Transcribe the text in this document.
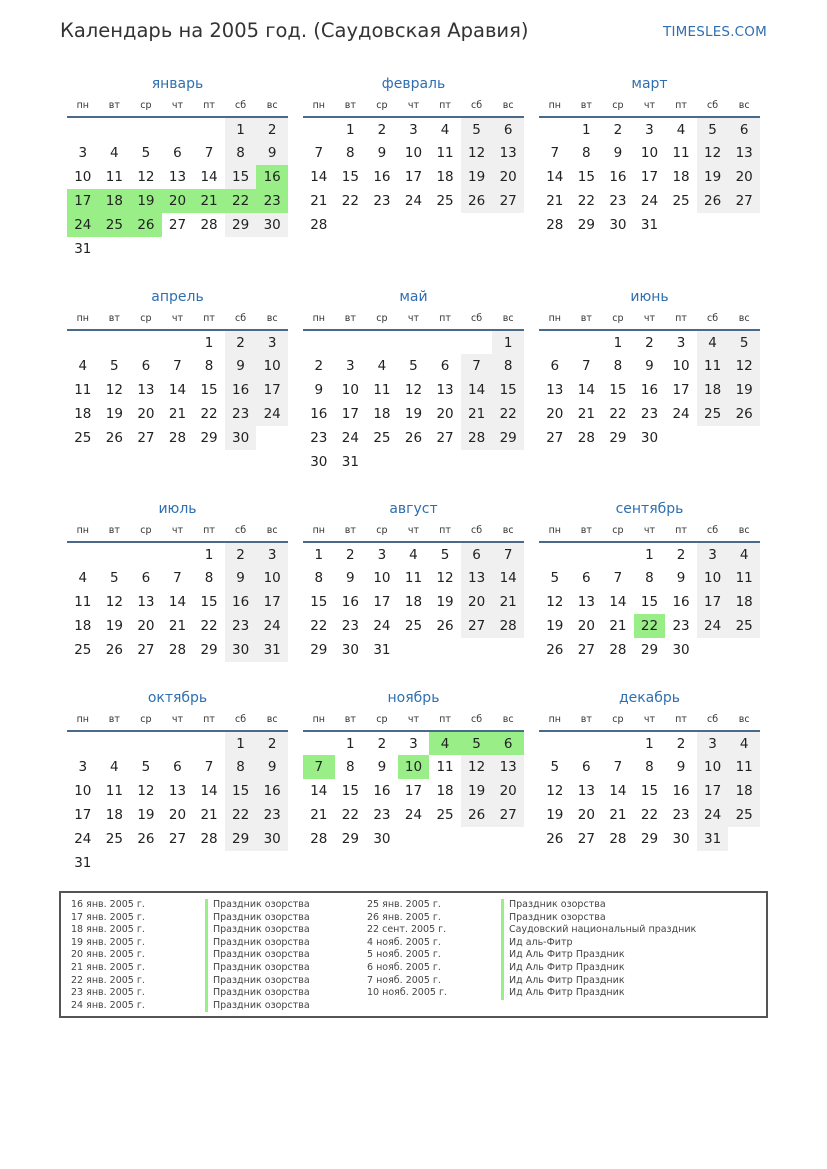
Календарь на 2005 год. (Саудовская Аравия)	TIMESLES.COM
январь
пн	вт	ср	чт	пт	сб	вс
					1	2
3	4	5	6	7	8	9
10	11	12	13	14	15	16
17	18	19	20	21	22	23
24	25	26	27	28	29	30
31						
февраль
пн	вт	ср	чт	пт	сб	вс
	1	2	3	4	5	6
7	8	9	10	11	12	13
14	15	16	17	18	19	20
21	22	23	24	25	26	27
28						
март
пн	вт	ср	чт	пт	сб	вс
	1	2	3	4	5	6
7	8	9	10	11	12	13
14	15	16	17	18	19	20
21	22	23	24	25	26	27
28	29	30	31			
апрель
пн	вт	ср	чт	пт	сб	вс
				1	2	3
4	5	6	7	8	9	10
11	12	13	14	15	16	17
18	19	20	21	22	23	24
25	26	27	28	29	30	
май
пн	вт	ср	чт	пт	сб	вс
						1
2	3	4	5	6	7	8
9	10	11	12	13	14	15
16	17	18	19	20	21	22
23	24	25	26	27	28	29
30	31					
июнь
пн	вт	ср	чт	пт	сб	вс
		1	2	3	4	5
6	7	8	9	10	11	12
13	14	15	16	17	18	19
20	21	22	23	24	25	26
27	28	29	30			
июль
пн	вт	ср	чт	пт	сб	вс
				1	2	3
4	5	6	7	8	9	10
11	12	13	14	15	16	17
18	19	20	21	22	23	24
25	26	27	28	29	30	31
август
пн	вт	ср	чт	пт	сб	вс
1	2	3	4	5	6	7
8	9	10	11	12	13	14
15	16	17	18	19	20	21
22	23	24	25	26	27	28
29	30	31				
сентябрь
пн	вт	ср	чт	пт	сб	вс
			1	2	3	4
5	6	7	8	9	10	11
12	13	14	15	16	17	18
19	20	21	22	23	24	25
26	27	28	29	30		
октябрь
пн	вт	ср	чт	пт	сб	вс
					1	2
3	4	5	6	7	8	9
10	11	12	13	14	15	16
17	18	19	20	21	22	23
24	25	26	27	28	29	30
31						
ноябрь
пн	вт	ср	чт	пт	сб	вс
	1	2	3	4	5	6
7	8	9	10	11	12	13
14	15	16	17	18	19	20
21	22	23	24	25	26	27
28	29	30				
декабрь
пн	вт	ср	чт	пт	сб	вс
			1	2	3	4
5	6	7	8	9	10	11
12	13	14	15	16	17	18
19	20	21	22	23	24	25
26	27	28	29	30	31	
16 янв. 2005 г.	Праздник озорства
17 янв. 2005 г.	Праздник озорства
18 янв. 2005 г.	Праздник озорства
19 янв. 2005 г.	Праздник озорства
20 янв. 2005 г.	Праздник озорства
21 янв. 2005 г.	Праздник озорства
22 янв. 2005 г.	Праздник озорства
23 янв. 2005 г.	Праздник озорства
24 янв. 2005 г.	Праздник озорства
25 янв. 2005 г.	Праздник озорства
26 янв. 2005 г.	Праздник озорства
22 сент. 2005 г.	Саудовский национальный праздник
4 нояб. 2005 г.	Ид аль-Фитр
5 нояб. 2005 г.	Ид Аль Фитр Праздник
6 нояб. 2005 г.	Ид Аль Фитр Праздник
7 нояб. 2005 г.	Ид Аль Фитр Праздник
10 нояб. 2005 г.	Ид Аль Фитр Праздник
